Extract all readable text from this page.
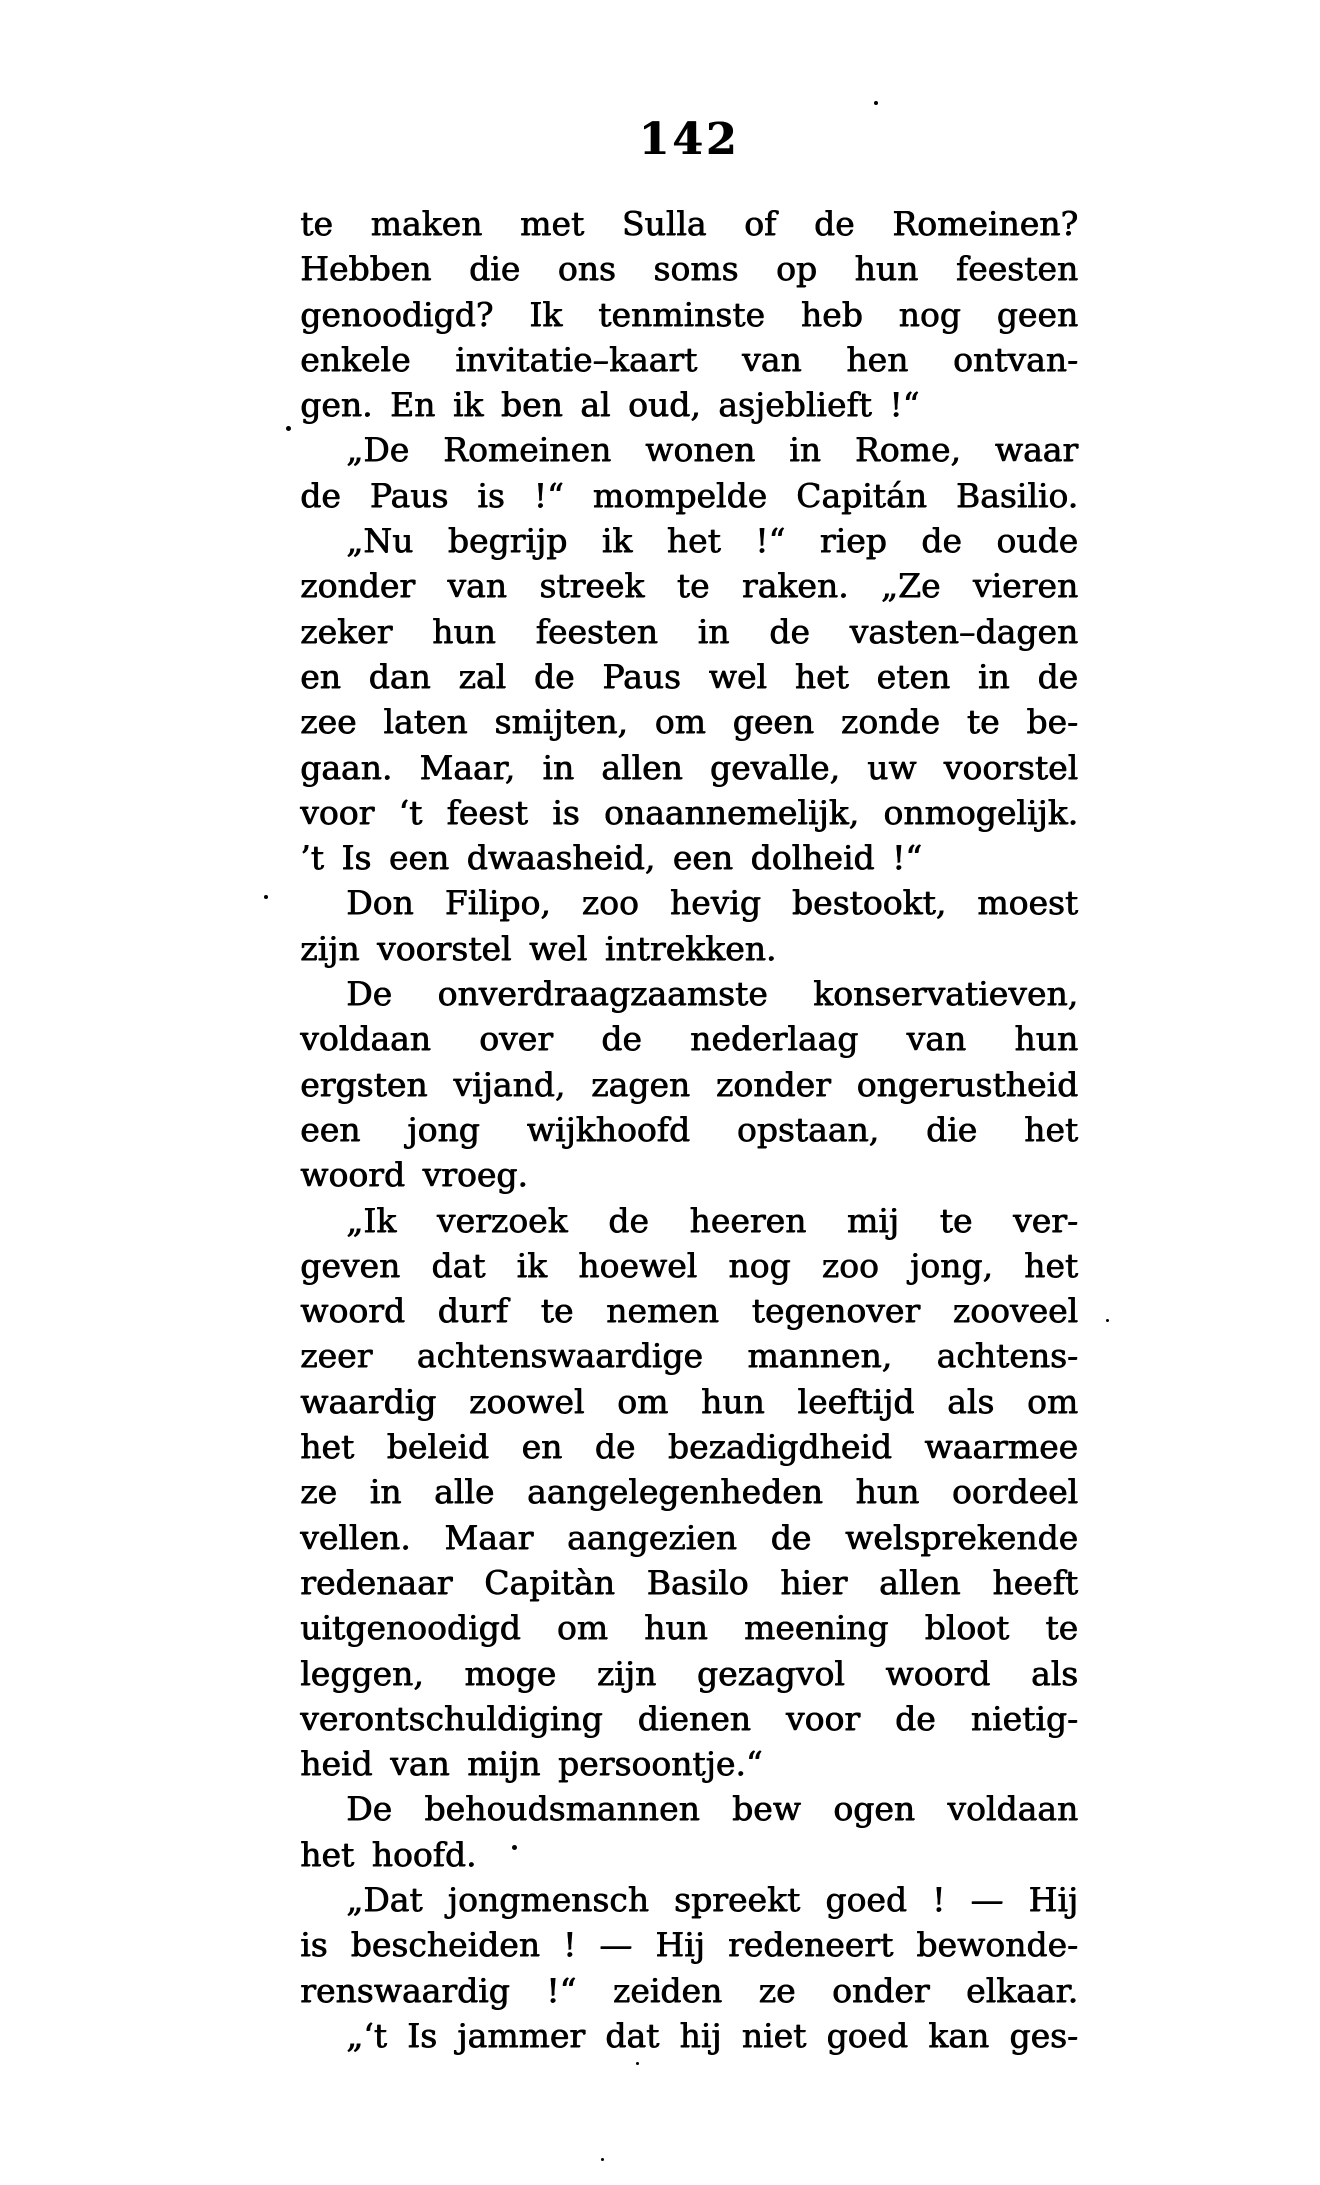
142
te maken met Sulla of de Romeinen?
Hebben die ons soms op hun feesten
genoodigd? Ik tenminste heb nog geen
enkele invitatie–kaart van hen ontvan-
gen. En ik ben al oud, asjeblieft !“
„De Romeinen wonen in Rome, waar
de Paus is !“ mompelde Capitán Basilio.
„Nu begrijp ik het !“ riep de oude
zonder van streek te raken. „Ze vieren
zeker hun feesten in de vasten–dagen
en dan zal de Paus wel het eten in de
zee laten smijten, om geen zonde te be-
gaan. Maar, in allen gevalle, uw voorstel
voor ‘t feest is onaannemelijk, onmogelijk.
’t Is een dwaasheid, een dolheid !“
Don Filipo, zoo hevig bestookt, moest
zijn voorstel wel intrekken.
De onverdraagzaamste konservatieven,
voldaan over de nederlaag van hun
ergsten vijand, zagen zonder ongerustheid
een jong wijkhoofd opstaan, die het
woord vroeg.
„Ik verzoek de heeren mij te ver-
geven dat ik hoewel nog zoo jong, het
woord durf te nemen tegenover zooveel
zeer achtenswaardige mannen, achtens-
waardig zoowel om hun leeftijd als om
het beleid en de bezadigdheid waarmee
ze in alle aangelegenheden hun oordeel
vellen. Maar aangezien de welsprekende
redenaar Capitàn Basilo hier allen heeft
uitgenoodigd om hun meening bloot te
leggen, moge zijn gezagvol woord als
verontschuldiging dienen voor de nietig-
heid van mijn persoontje.“
De behoudsmannen bew ogen voldaan
het hoofd.
„Dat jongmensch spreekt goed ! — Hij
is bescheiden ! — Hij redeneert bewonde-
renswaardig !“ zeiden ze onder elkaar.
„‘t Is jammer dat hij niet goed kan ges-
